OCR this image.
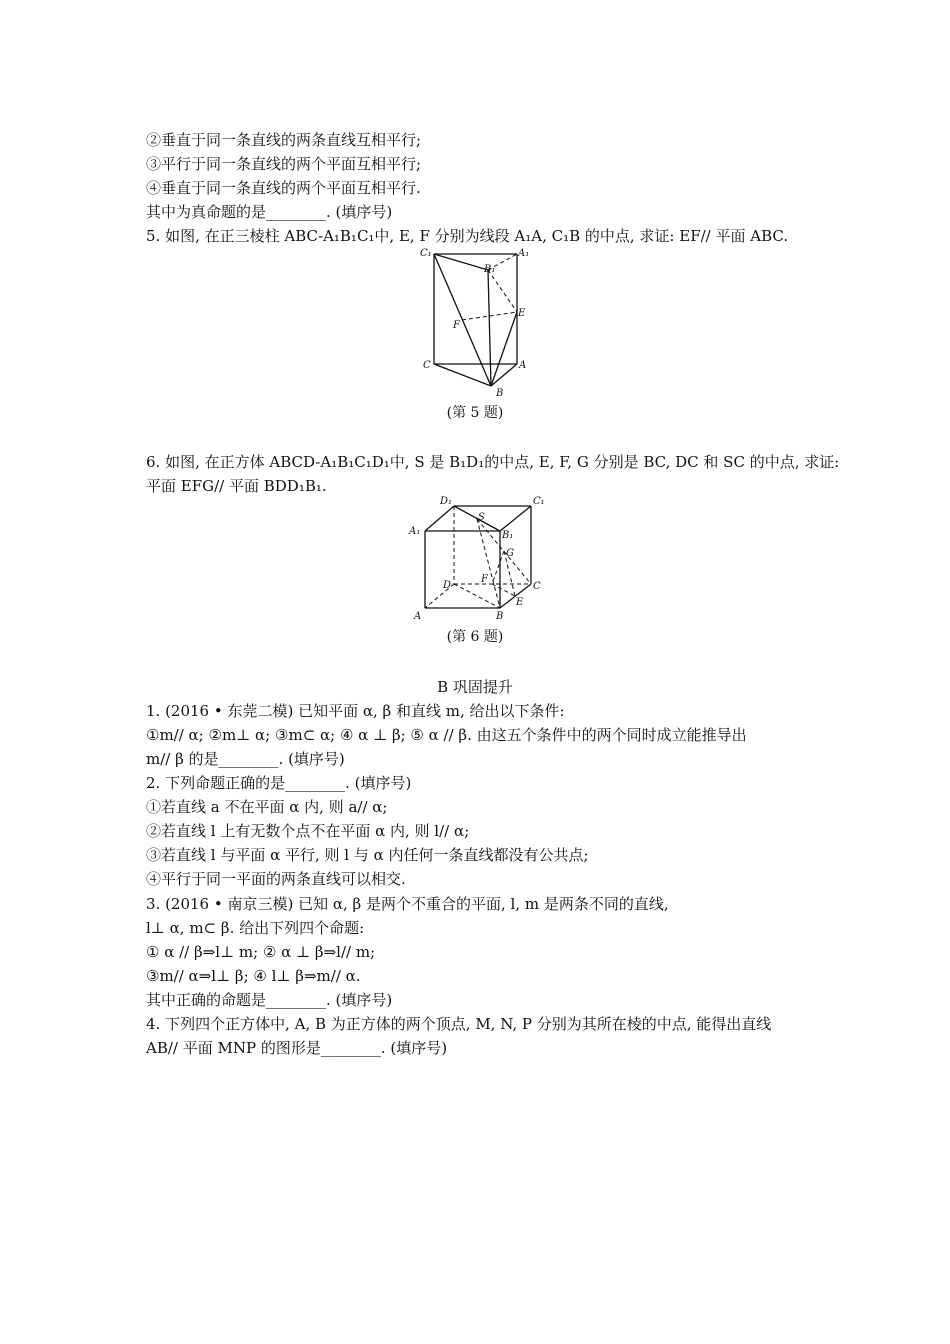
②垂直于同一条直线的两条直线互相平行;
③平行于同一条直线的两个平面互相平行;
④垂直于同一条直线的两个平面互相平行.
其中为真命题的是________. (填序号)
5. 如图, 在正三棱柱 ABC-A₁B₁C₁中, E, F 分别为线段 A₁A, C₁B 的中点, 求证: EF// 平面 ABC.
C₁
B₁
A₁
E
F
C	A
B
(第 5 题)
6. 如图, 在正方体 ABCD-A₁B₁C₁D₁中, S 是 B₁D₁的中点, E, F, G 分别是 BC, DC 和 SC 的中点, 求证:
平面 EFG// 平面 BDD₁B₁.
D₁	C₁
S
A₁	B₁
G
D
F
C
E
A	B
(第 6 题)
B 巩固提升
1. (2016 • 东莞二模) 已知平面 α, β 和直线 m, 给出以下条件:
①m// α; ②m⊥ α; ③m⊂ α; ④ α ⊥ β; ⑤ α // β. 由这五个条件中的两个同时成立能推导出
m// β 的是________. (填序号)
2. 下列命题正确的是________. (填序号)
①若直线 a 不在平面 α 内, 则 a// α;
②若直线 l 上有无数个点不在平面 α 内, 则 l// α;
③若直线 l 与平面 α 平行, 则 l 与 α 内任何一条直线都没有公共点;
④平行于同一平面的两条直线可以相交.
3. (2016 • 南京三模) 已知 α, β 是两个不重合的平面, l, m 是两条不同的直线,
l⊥ α, m⊂ β. 给出下列四个命题:
① α // β⇒l⊥ m; ② α ⊥ β⇒l// m;
③m// α⇒l⊥ β; ④ l⊥ β⇒m// α.
其中正确的命题是________. (填序号)
4. 下列四个正方体中, A, B 为正方体的两个顶点, M, N, P 分别为其所在棱的中点, 能得出直线
AB// 平面 MNP 的图形是________. (填序号)
